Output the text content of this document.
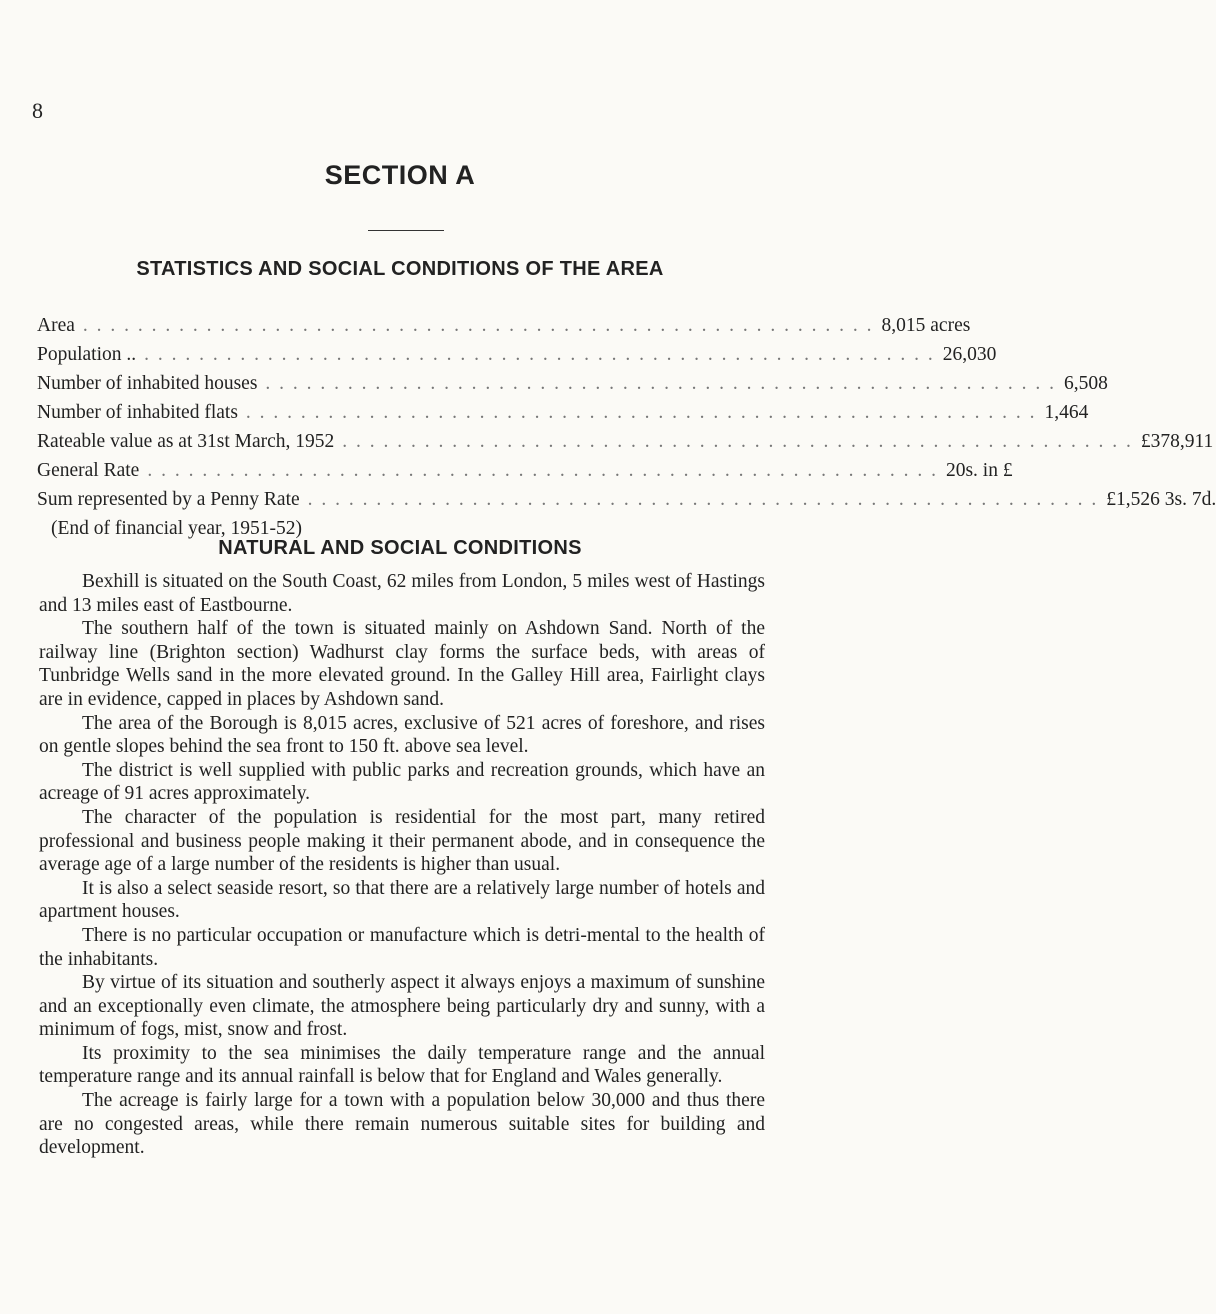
8
SECTION A
STATISTICS AND SOCIAL CONDITIONS OF THE AREA
Area . . . . . . . . . . . . . . . . . . . . . . . . . . . . . . . . . . . . . . . . . . . . . . . . . . . . . . . . . . 8,015 acres
Population .. . . . . . . . . . . . . . . . . . . . . . . . . . . . . . . . . . . . . . . . . . . . . . . . . . . . . . . . . . . 26,030
Number of inhabited houses . . . . . . . . . . . . . . . . . . . . . . . . . . . . . . . . . . . . . . . . . . . . . . . . . . . . . . . . . . 6,508
Number of inhabited flats . . . . . . . . . . . . . . . . . . . . . . . . . . . . . . . . . . . . . . . . . . . . . . . . . . . . . . . . . . 1,464
Rateable value as at 31st March, 1952 . . . . . . . . . . . . . . . . . . . . . . . . . . . . . . . . . . . . . . . . . . . . . . . . . . . . . . . . . . £378,911
General Rate . . . . . . . . . . . . . . . . . . . . . . . . . . . . . . . . . . . . . . . . . . . . . . . . . . . . . . . . . . 20s. in £
Sum represented by a Penny Rate . . . . . . . . . . . . . . . . . . . . . . . . . . . . . . . . . . . . . . . . . . . . . . . . . . . . . . . . . . £1,526 3s. 7d.
(End of financial year, 1951-52)
NATURAL AND SOCIAL CONDITIONS

Bexhill is situated on the South Coast, 62 miles from London, 5 miles west of Hastings and 13 miles east of Eastbourne.

The southern half of the town is situated mainly on Ashdown Sand. North of the railway line (Brighton section) Wadhurst clay forms the surface beds, with areas of Tunbridge Wells sand in the more elevated ground. In the Galley Hill area, Fairlight clays are in evidence, capped in places by Ashdown sand.

The area of the Borough is 8,015 acres, exclusive of 521 acres of foreshore, and rises on gentle slopes behind the sea front to 150 ft. above sea level.

The district is well supplied with public parks and recreation grounds, which have an acreage of 91 acres approximately.

The character of the population is residential for the most part, many retired professional and business people making it their permanent abode, and in consequence the average age of a large number of the residents is higher than usual.

It is also a select seaside resort, so that there are a relatively large number of hotels and apartment houses.

There is no particular occupation or manufacture which is detri-mental to the health of the inhabitants.

By virtue of its situation and southerly aspect it always enjoys a maximum of sunshine and an exceptionally even climate, the atmosphere being particularly dry and sunny, with a minimum of fogs, mist, snow and frost.

Its proximity to the sea minimises the daily temperature range and the annual temperature range and its annual rainfall is below that for England and Wales generally.

The acreage is fairly large for a town with a population below 30,000 and thus there are no congested areas, while there remain numerous suitable sites for building and development.
